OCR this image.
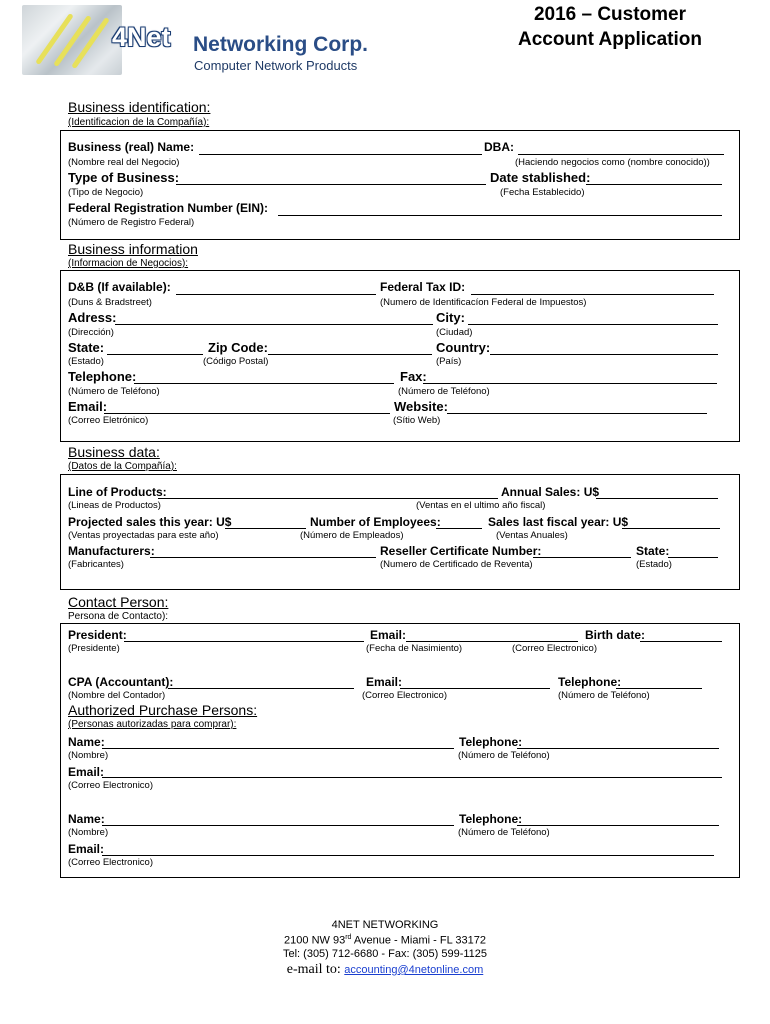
4Net Networking Corp.
Computer Network Products
2016 – Customer
Account Application
Business identification:
(Identificacion de la Compañía):
Business (real) Name:	DBA:
(Nombre real del Negocio)	(Haciendo negocios como (nombre conocido))
Type of Business:	Date stablished:
(Tipo de Negocio)	(Fecha Establecido)
Federal Registration Number (EIN):
(Número de Registro Federal)
Business information
(Informacion de Negocios):
D&B (If available):	Federal Tax ID:
(Duns & Bradstreet)	(Numero de Identificacíon Federal de Impuestos)
Adress:	City:
(Dirección)	(Ciudad)
State:	Zip Code:	Country:
(Estado)	(Código Postal)	(País)
Telephone:	Fax:
(Número de Teléfono)	(Número de Teléfono)
Email:	Website:
(Correo Eletrónico)	(Sítio Web)
Business data:
(Datos de la Compañía):
Line of Products:	Annual Sales: U$
(Lineas de Productos)	(Ventas en el ultimo año fiscal)
Projected sales this year: U$	Number of Employees:	Sales last fiscal year: U$
(Ventas proyectadas para este año)	(Número de Empleados)	(Ventas Anuales)
Manufacturers:	Reseller Certificate Number:	State:
(Fabricantes)	(Numero de Certificado de Reventa)	(Estado)
Contact Person:
Persona de Contacto):
President:	Email:	Birth date:
(Presidente)	(Fecha de Nasimiento)	(Correo Electronico)
CPA (Accountant):	Email:	Telephone:
(Nombre del Contador)	(Correo Electronico)	(Número de Teléfono)
Authorized Purchase Persons:
(Personas autorizadas para comprar):
Name:	Telephone:
(Nombre)	(Número de Teléfono)
Email:
(Correo Electronico)
Name:	Telephone:
(Nombre)	(Número de Teléfono)
Email:
(Correo Electronico)
4NET NETWORKING
2100 NW 93rd Avenue - Miami - FL 33172
Tel: (305) 712-6680 - Fax: (305) 599-1125
e-mail to: accounting@4netonline.com
